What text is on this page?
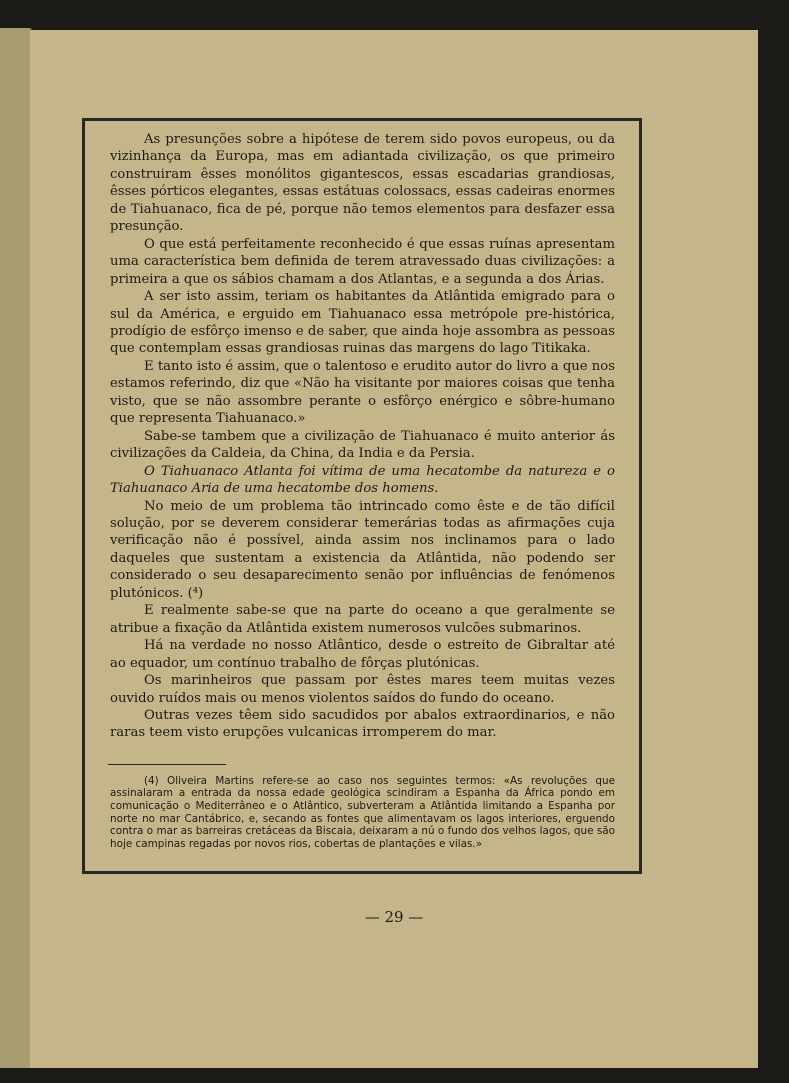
As presunções sobre a hipótese de terem sido povos europeus, ou da vizinhança da Europa, mas em adiantada civilização, os que primeiro construiram êsses monólitos gigantescos, essas escadarias grandiosas, êsses pórticos elegantes, essas estátuas colossacs, essas cadeiras enormes de Tiahuanaco, fica de pé, porque não temos elementos para desfazer essa presunção.

O que está perfeitamente reconhecido é que essas ruínas apresentam uma característica bem definida de terem atravessado duas civilizações: a primeira a que os sábios chamam a dos Atlantas, e a segunda a dos Árias.

A ser isto assim, teriam os habitantes da Atlântida emigrado para o sul da América, e erguido em Tiahuanaco essa metrópole pre-histórica, prodígio de esfôrço imenso e de saber, que ainda hoje assombra as pessoas que contemplam essas grandiosas ruinas das margens do lago Titikaka.

E tanto isto é assim, que o talentoso e erudito autor do livro a que nos estamos referindo, diz que «Não ha visitante por maiores coisas que tenha visto, que se não assombre perante o esfôrço enérgico e sôbre-humano que representa Tiahuanaco.»

Sabe-se tambem que a civilização de Tiahuanaco é muito anterior ás civilizações da Caldeia, da China, da India e da Persia.

O Tiahuanaco Atlanta foi vítima de uma hecatombe da natureza e o Tiahuanaco Aria de uma hecatombe dos homens.

No meio de um problema tão intrincado como êste e de tão difícil solução, por se deverem considerar temerárias todas as afirmações cuja verificação não é possível, ainda assim nos inclinamos para o lado daqueles que sustentam a existencia da Atlântida, não podendo ser considerado o seu desaparecimento senão por influências de fenómenos plutónicos. (⁴)

E realmente sabe-se que na parte do oceano a que geralmente se atribue a fixação da Atlântida existem numerosos vulcões submarinos.

Há na verdade no nosso Atlântico, desde o estreito de Gibraltar até ao equador, um contínuo trabalho de fôrças plutónicas.

Os marinheiros que passam por êstes mares teem muitas vezes ouvido ruídos mais ou menos violentos saídos do fundo do oceano.

Outras vezes têem sido sacudidos por abalos extraordinarios, e não raras teem visto erupções vulcanicas irromperem do mar.

(4) Oliveira Martins refere-se ao caso nos seguintes termos: «As revoluções que assinalaram a entrada da nossa edade geológica scindiram a Espanha da África pondo em comunicação o Mediterrâneo e o Atlântico, subverteram a Atlântida limitando a Espanha por norte no mar Cantábrico, e, secando as fontes que alimentavam os lagos interiores, erguendo contra o mar as barreiras cretáceas da Biscaia, deixaram a nú o fundo dos velhos lagos, que são hoje campinas regadas por novos rios, cobertas de plantações e vilas.»

— 29 —
